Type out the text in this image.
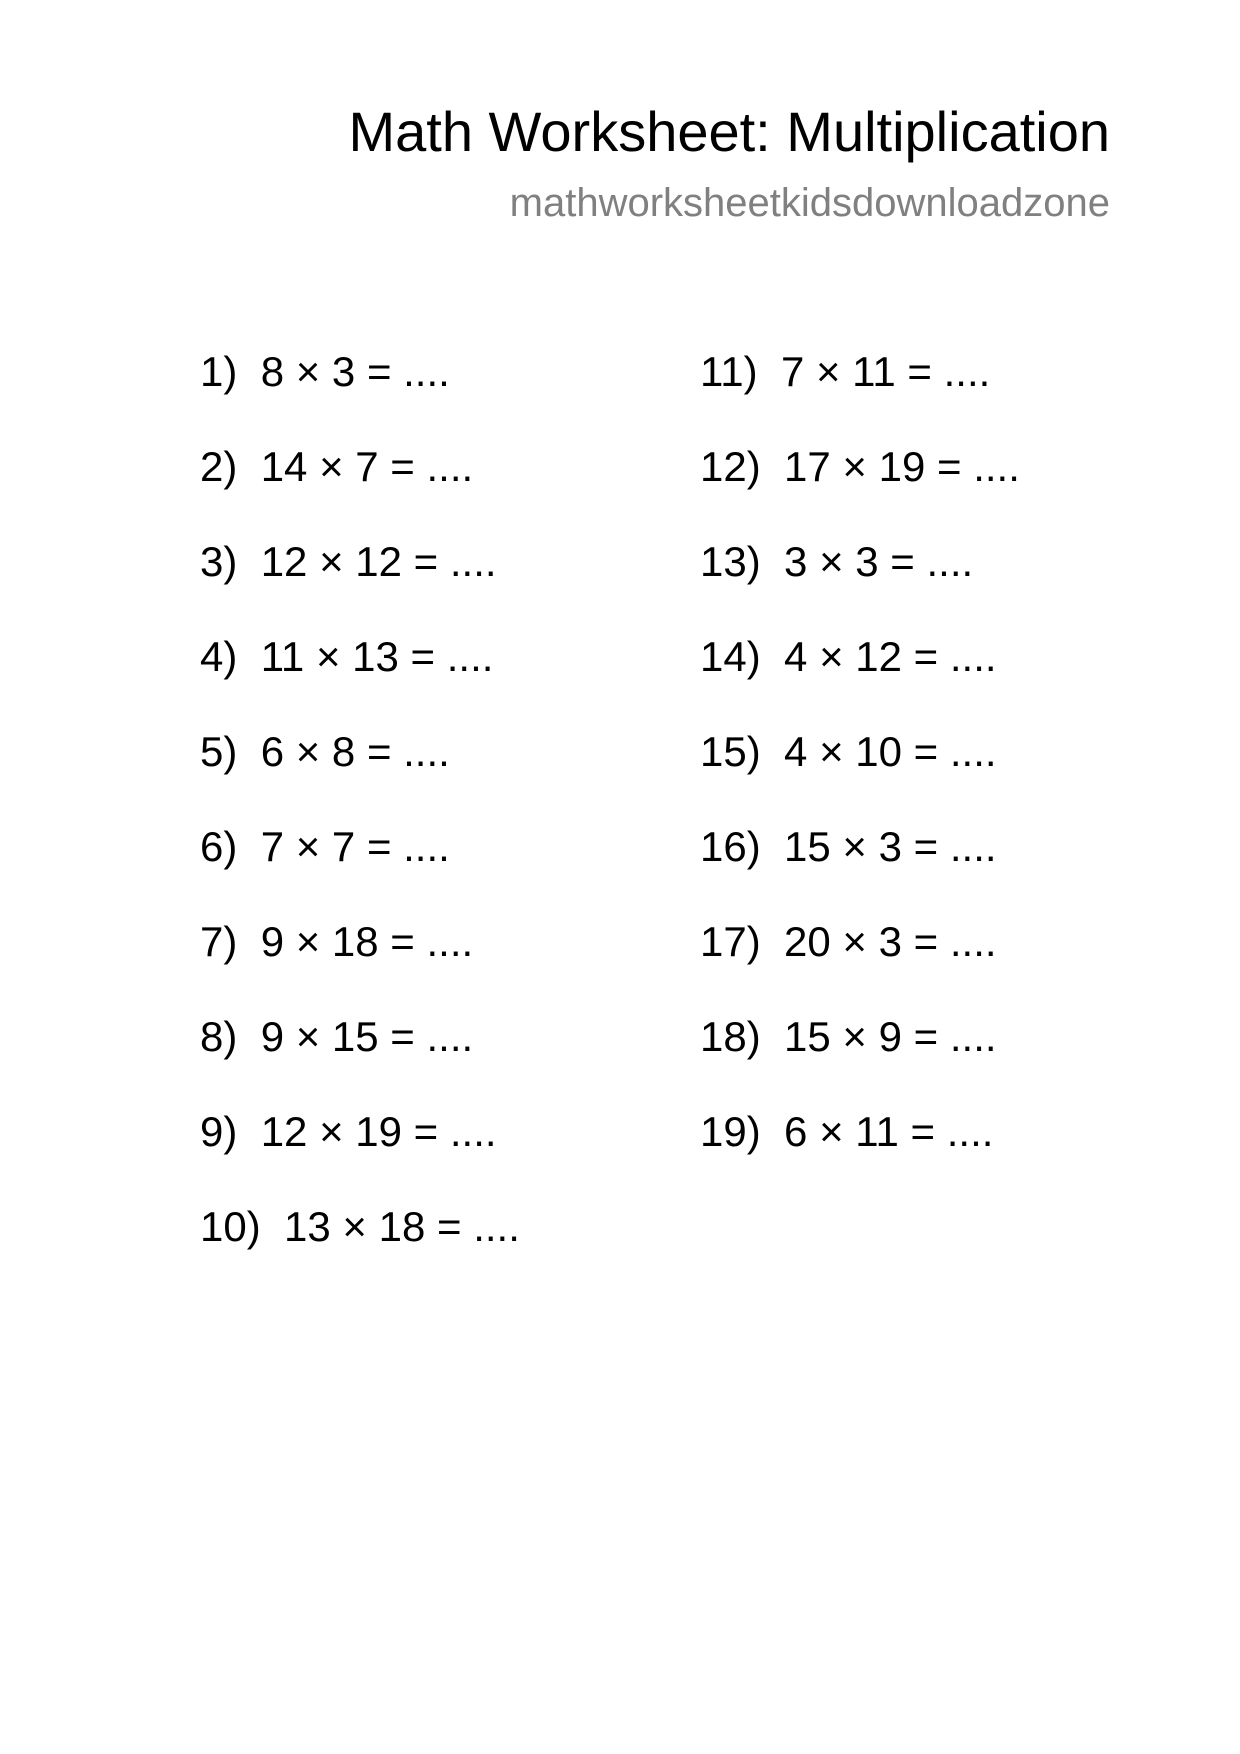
Math Worksheet: Multiplication
mathworksheetkidsdownloadzone
1 ) 8 × 3 = ....
2 ) 14 × 7 = ....
3 ) 12 × 12 = ....
4 ) 11 × 13 = ....
5 ) 6 × 8 = ....
6 ) 7 × 7 = ....
7 ) 9 × 18 = ....
8 ) 9 × 15 = ....
9 ) 12 × 19 = ....
10 ) 13 × 18 = ....
11 ) 7 × 11 = ....
12 ) 17 × 19 = ....
13 ) 3 × 3 = ....
14 ) 4 × 12 = ....
15 ) 4 × 10 = ....
16 ) 15 × 3 = ....
17 ) 20 × 3 = ....
18 ) 15 × 9 = ....
19 ) 6 × 11 = ....
